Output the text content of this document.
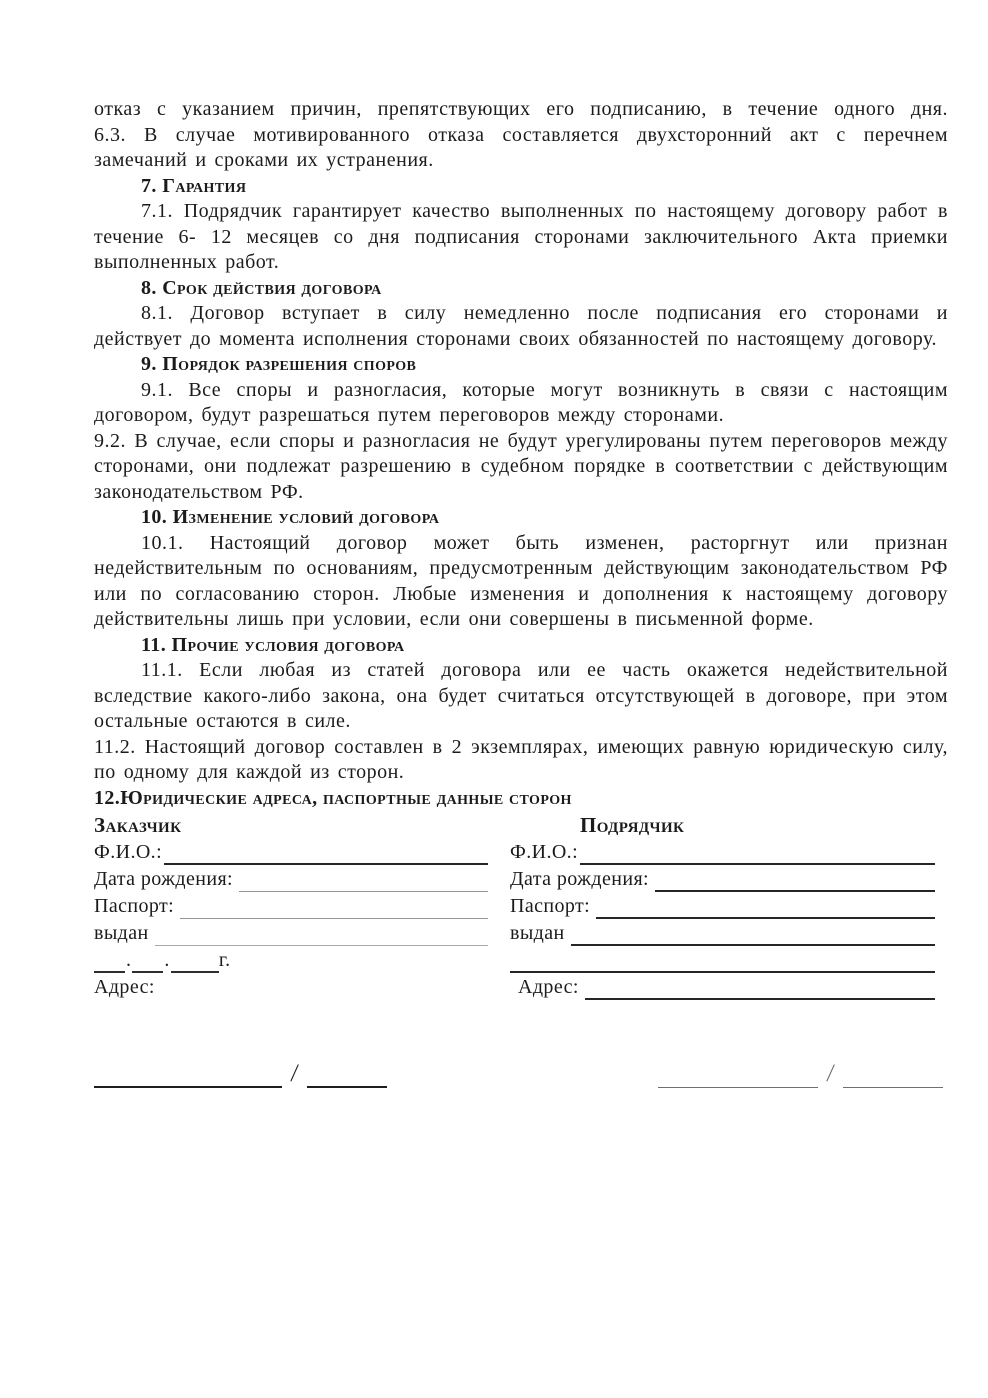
отказ с указанием причин, препятствующих его подписанию, в течение одного дня.

6.3. В случае мотивированного отказа составляется двухсторонний акт с перечнем замечаний и сроками их устранения.

7. Гарантия

7.1. Подрядчик гарантирует качество выполненных по настоящему договору работ в течение 6- 12 месяцев со дня подписания сторонами заключительного Акта приемки выполненных работ.

8. Срок действия договора

8.1. Договор вступает в силу немедленно после подписания его сторонами и действует до момента исполнения сторонами своих обязанностей по настоящему договору.

9. Порядок разрешения споров

9.1. Все споры и разногласия, которые могут возникнуть в связи с настоящим договором, будут разрешаться путем переговоров между сторонами.

9.2. В случае, если споры и разногласия не будут урегулированы путем переговоров между сторонами, они подлежат разрешению в судебном порядке в соответствии с действующим законодательством РФ.

10. Изменение условий договора

10.1. Настоящий договор может быть изменен, расторгнут или признан недействительным по основаниям, предусмотренным действующим законодательством РФ или по согласованию сторон. Любые изменения и дополнения к настоящему договору действительны лишь при условии, если они совершены в письменной форме.

11. Прочие условия договора

11.1. Если любая из статей договора или ее часть окажется недействительной вследствие какого-либо закона, она будет считаться отсутствующей в договоре, при этом остальные остаются в силе.

11.2. Настоящий договор составлен в 2 экземплярах, имеющих равную юридическую силу, по одному для каждой из сторон.

12.Юридические адреса, паспортные данные сторон
Заказчик
Ф.И.О.:
Дата рождения:
Паспорт:
выдан
. . г.
Адрес:
Подрядчик
Ф.И.О.:
Дата рождения:
Паспорт:
выдан
Адрес:
/	/
